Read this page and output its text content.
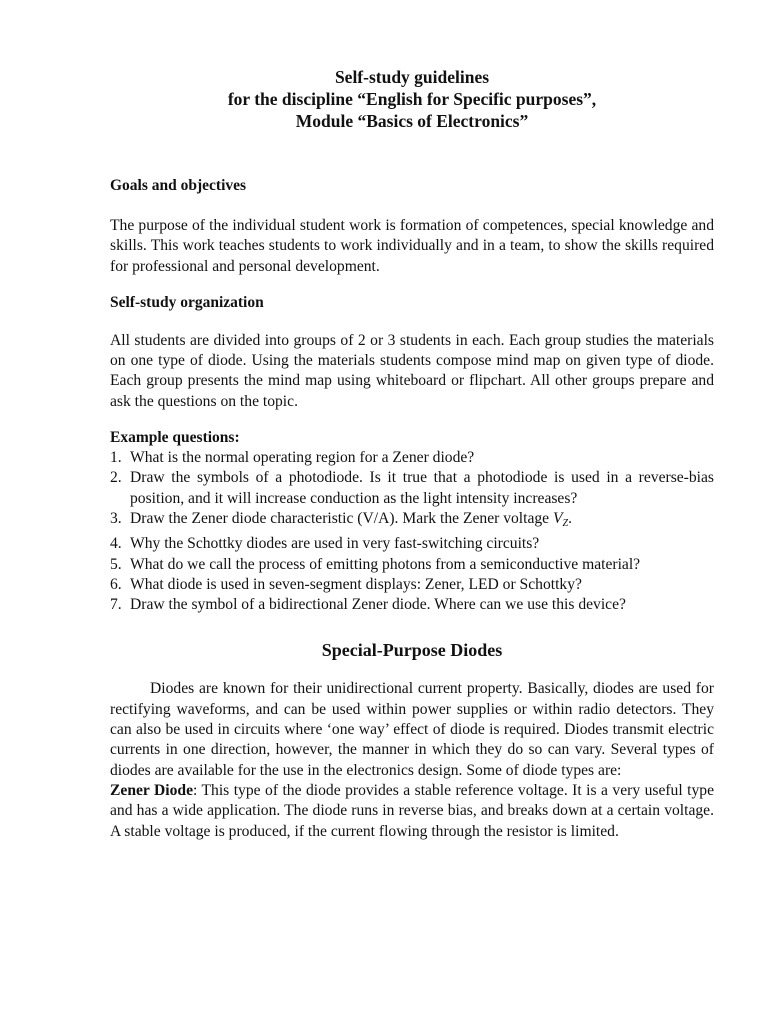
Self-study guidelines
for the discipline “English for Specific purposes”,
Module “Basics of Electronics”
Goals and objectives

The purpose of the individual student work is formation of competences, special knowledge and skills. This work teaches students to work individually and in a team, to show the skills required for professional and personal development.

Self-study organization

All students are divided into groups of 2 or 3 students in each. Each group studies the materials on one type of diode. Using the materials students compose mind map on given type of diode. Each group presents the mind map using whiteboard or flipchart. All other groups prepare and ask the questions on the topic.

Example questions:
1. What is the normal operating region for a Zener diode?
2. Draw the symbols of a photodiode. Is it true that a photodiode is used in a reverse-bias position, and it will increase conduction as the light intensity increases?
3. Draw the Zener diode characteristic (V/A). Mark the Zener voltage $V_Z$.
4. Why the Schottky diodes are used in very fast-switching circuits?
5. What do we call the process of emitting photons from a semiconductive material?
6. What diode is used in seven-segment displays: Zener, LED or Schottky?
7. Draw the symbol of a bidirectional Zener diode. Where can we use this device?
Special-Purpose Diodes

Diodes are known for their unidirectional current property. Basically, diodes are used for rectifying waveforms, and can be used within power supplies or within radio detectors. They can also be used in circuits where ‘one way’ effect of diode is required. Diodes transmit electric currents in one direction, however, the manner in which they do so can vary. Several types of diodes are available for the use in the electronics design. Some of diode types are:

Zener Diode: This type of the diode provides a stable reference voltage. It is a very useful type and has a wide application. The diode runs in reverse bias, and breaks down at a certain voltage. A stable voltage is produced, if the current flowing through the resistor is limited.
